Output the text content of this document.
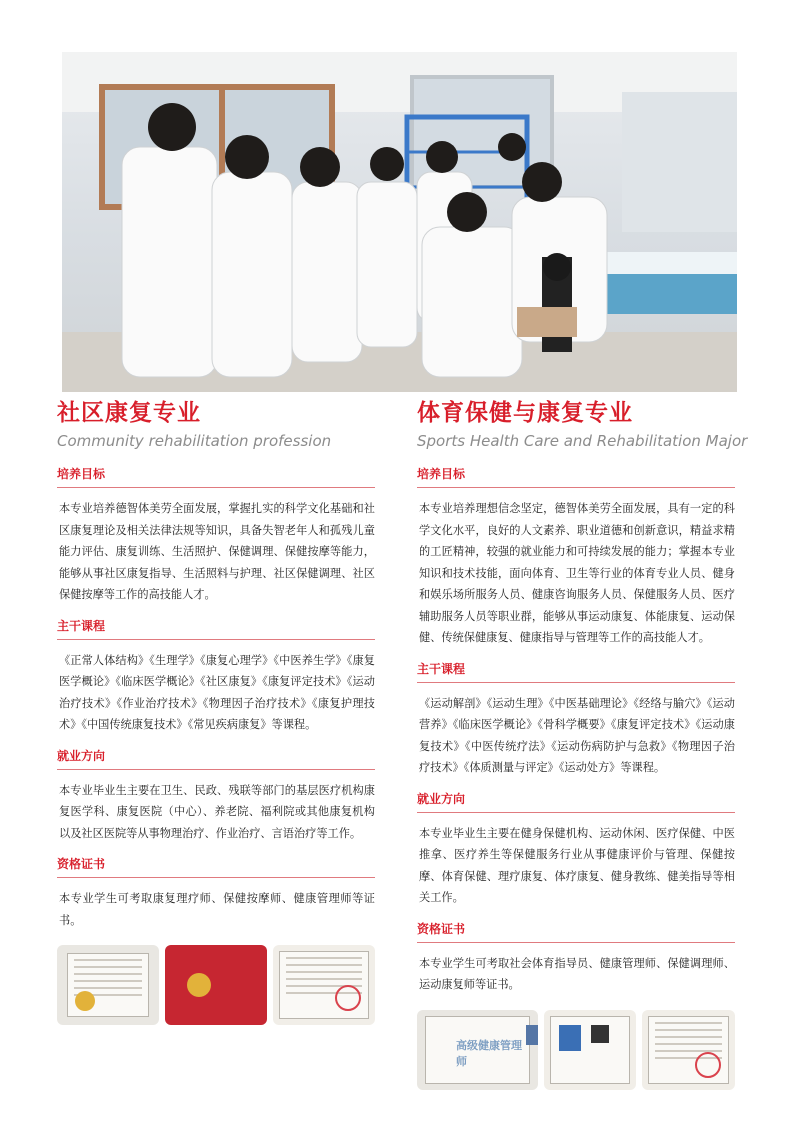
社区康复专业
Community rehabilitation profession
培养目标
本专业培养德智体美劳全面发展，掌握扎实的科学文化基础和社区康复理论及相关法律法规等知识，具备失智老年人和孤残儿童能力评估、康复训练、生活照护、保健调理、保健按摩等能力，能够从事社区康复指导、生活照料与护理、社区保健调理、社区保健按摩等工作的高技能人才。
主干课程
《正常人体结构》《生理学》《康复心理学》《中医养生学》《康复医学概论》《临床医学概论》《社区康复》《康复评定技术》《运动治疗技术》《作业治疗技术》《物理因子治疗技术》《康复护理技术》《中国传统康复技术》《常见疾病康复》等课程。
就业方向
本专业毕业生主要在卫生、民政、残联等部门的基层医疗机构康复医学科、康复医院（中心）、养老院、福利院或其他康复机构以及社区医院等从事物理治疗、作业治疗、言语治疗等工作。
资格证书
本专业学生可考取康复理疗师、保健按摩师、健康管理师等证书。
体育保健与康复专业
Sports Health Care and Rehabilitation Major
培养目标
本专业培养理想信念坚定，德智体美劳全面发展，具有一定的科学文化水平，良好的人文素养、职业道德和创新意识，精益求精的工匠精神，较强的就业能力和可持续发展的能力；掌握本专业知识和技术技能，面向体育、卫生等行业的体育专业人员、健身和娱乐场所服务人员、健康咨询服务人员、保健服务人员、医疗辅助服务人员等职业群，能够从事运动康复、体能康复、运动保健、传统保健康复、健康指导与管理等工作的高技能人才。
主干课程
《运动解剖》《运动生理》《中医基础理论》《经络与腧穴》《运动营养》《临床医学概论》《骨科学概要》《康复评定技术》《运动康复技术》《中医传统疗法》《运动伤病防护与急救》《物理因子治疗技术》《体质测量与评定》《运动处方》等课程。
就业方向
本专业毕业生主要在健身保健机构、运动休闲、医疗保健、中医推拿、医疗养生等保健服务行业从事健康评价与管理、保健按摩、体育保健、理疗康复、体疗康复、健身教练、健美指导等相关工作。
资格证书
本专业学生可考取社会体育指导员、健康管理师、保健调理师、运动康复师等证书。
高级健康管理师
